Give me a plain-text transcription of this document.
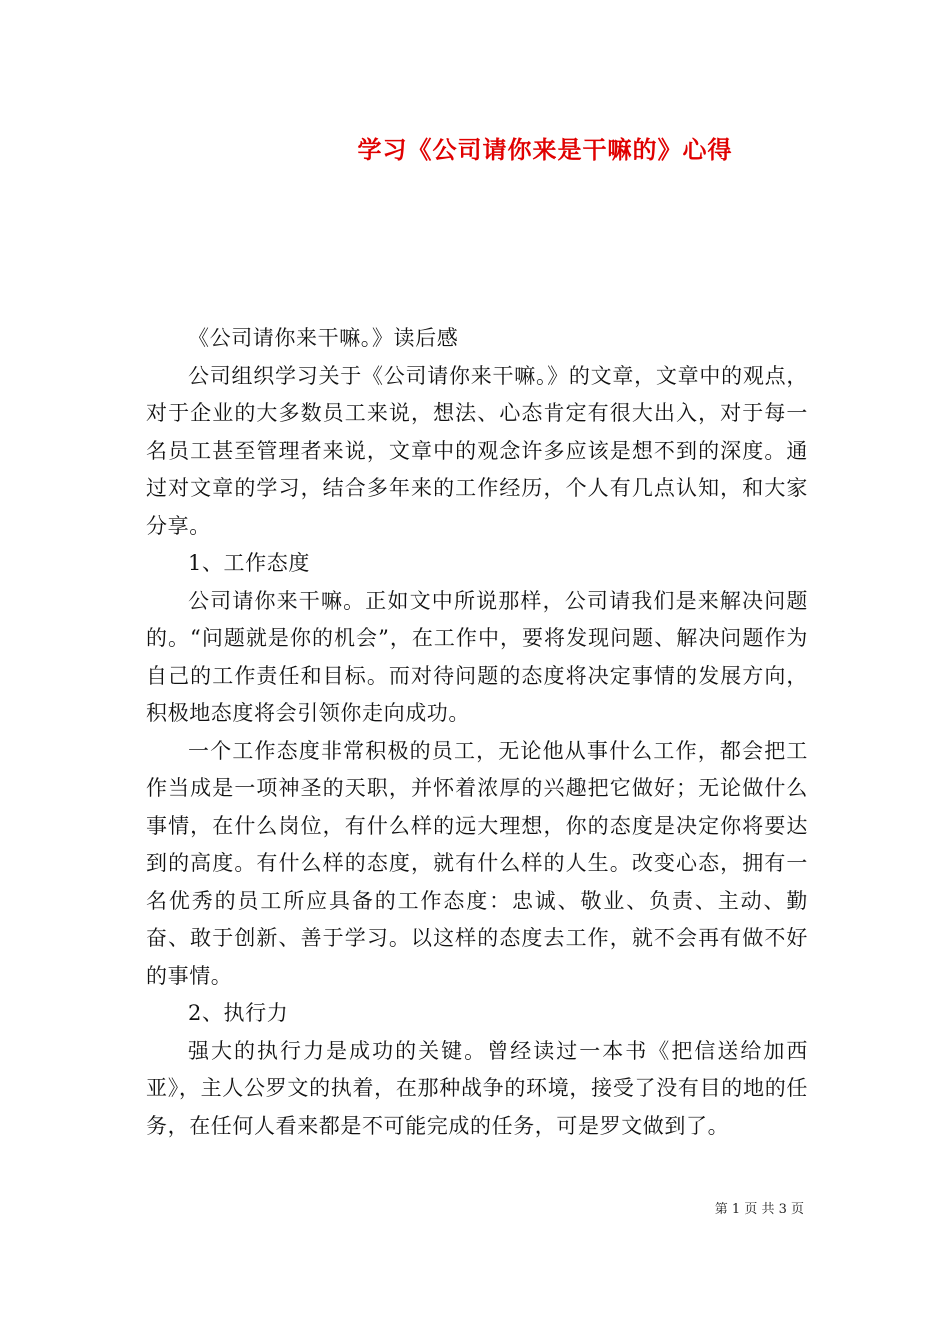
学习《公司请你来是干嘛的》心得

《公司请你来干嘛。》读后感

公司组织学习关于《公司请你来干嘛。》的文章，文章中的观点，对于企业的大多数员工来说，想法、心态肯定有很大出入，对于每一名员工甚至管理者来说，文章中的观念许多应该是想不到的深度。通过对文章的学习，结合多年来的工作经历，个人有几点认知，和大家分享。

1、工作态度

公司请你来干嘛。正如文中所说那样，公司请我们是来解决问题的。“问题就是你的机会”，在工作中，要将发现问题、解决问题作为自己的工作责任和目标。而对待问题的态度将决定事情的发展方向，积极地态度将会引领你走向成功。

一个工作态度非常积极的员工，无论他从事什么工作，都会把工作当成是一项神圣的天职，并怀着浓厚的兴趣把它做好；无论做什么事情，在什么岗位，有什么样的远大理想，你的态度是决定你将要达到的高度。有什么样的态度，就有什么样的人生。改变心态，拥有一名优秀的员工所应具备的工作态度：忠诚、敬业、负责、主动、勤奋、敢于创新、善于学习。以这样的态度去工作，就不会再有做不好的事情。

2、执行力

强大的执行力是成功的关键。曾经读过一本书《把信送给加西亚》，主人公罗文的执着，在那种战争的环境，接受了没有目的地的任务，在任何人看来都是不可能完成的任务，可是罗文做到了。

第 1 页 共 3 页
